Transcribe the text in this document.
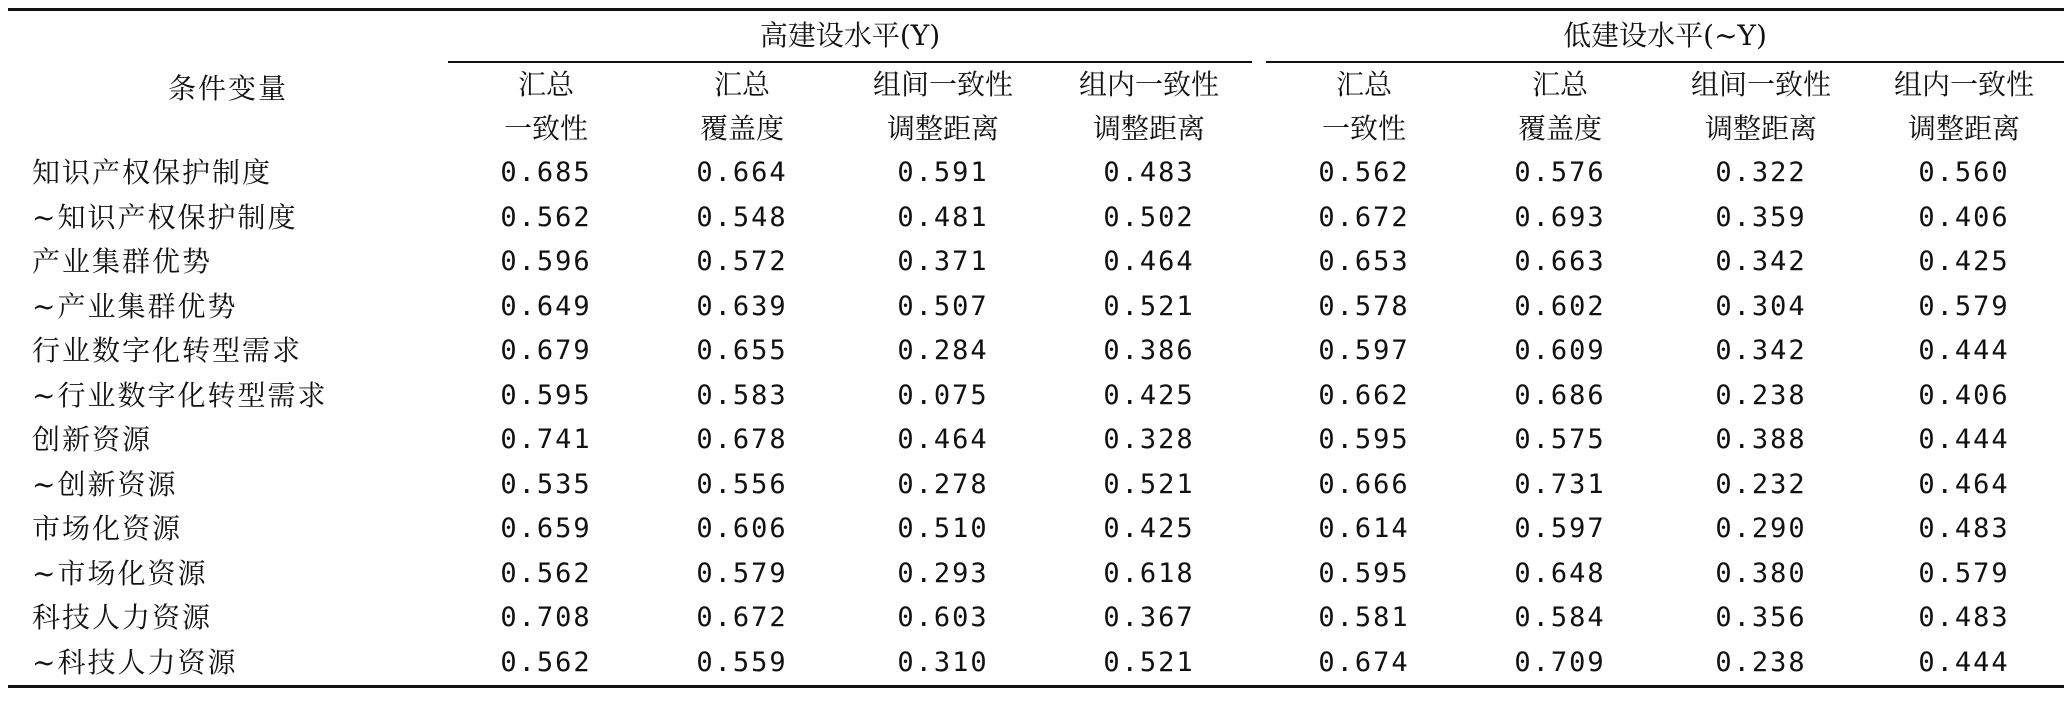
条件变量	高建设水平(Y)					低建设水平(~Y)			
	汇总	汇总	组间一致性	组内一致性		汇总	汇总	组间一致性	组内一致性
	一致性	覆盖度	调整距离	调整距离		一致性	覆盖度	调整距离	调整距离
知识产权保护制度	0.685	0.664	0.591	0.483		0.562	0.576	0.322	0.560
~知识产权保护制度	0.562	0.548	0.481	0.502		0.672	0.693	0.359	0.406
产业集群优势	0.596	0.572	0.371	0.464		0.653	0.663	0.342	0.425
~产业集群优势	0.649	0.639	0.507	0.521		0.578	0.602	0.304	0.579
行业数字化转型需求	0.679	0.655	0.284	0.386		0.597	0.609	0.342	0.444
~行业数字化转型需求	0.595	0.583	0.075	0.425		0.662	0.686	0.238	0.406
创新资源	0.741	0.678	0.464	0.328		0.595	0.575	0.388	0.444
~创新资源	0.535	0.556	0.278	0.521		0.666	0.731	0.232	0.464
市场化资源	0.659	0.606	0.510	0.425		0.614	0.597	0.290	0.483
~市场化资源	0.562	0.579	0.293	0.618		0.595	0.648	0.380	0.579
科技人力资源	0.708	0.672	0.603	0.367		0.581	0.584	0.356	0.483
~科技人力资源	0.562	0.559	0.310	0.521		0.674	0.709	0.238	0.444
